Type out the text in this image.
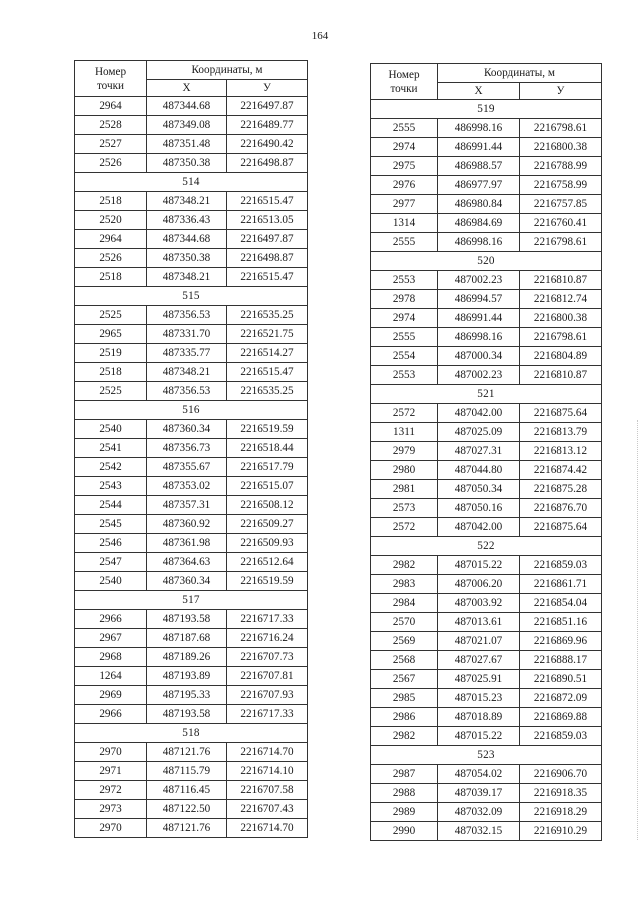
164
Номер
точки	Координаты, м	
	X	У
2964	487344.68	2216497.87
2528	487349.08	2216489.77
2527	487351.48	2216490.42
2526	487350.38	2216498.87
514		
2518	487348.21	2216515.47
2520	487336.43	2216513.05
2964	487344.68	2216497.87
2526	487350.38	2216498.87
2518	487348.21	2216515.47
515		
2525	487356.53	2216535.25
2965	487331.70	2216521.75
2519	487335.77	2216514.27
2518	487348.21	2216515.47
2525	487356.53	2216535.25
516		
2540	487360.34	2216519.59
2541	487356.73	2216518.44
2542	487355.67	2216517.79
2543	487353.02	2216515.07
2544	487357.31	2216508.12
2545	487360.92	2216509.27
2546	487361.98	2216509.93
2547	487364.63	2216512.64
2540	487360.34	2216519.59
517		
2966	487193.58	2216717.33
2967	487187.68	2216716.24
2968	487189.26	2216707.73
1264	487193.89	2216707.81
2969	487195.33	2216707.93
2966	487193.58	2216717.33
518		
2970	487121.76	2216714.70
2971	487115.79	2216714.10
2972	487116.45	2216707.58
2973	487122.50	2216707.43
2970	487121.76	2216714.70
Номер
точки	Координаты, м	
	X	У
519		
2555	486998.16	2216798.61
2974	486991.44	2216800.38
2975	486988.57	2216788.99
2976	486977.97	2216758.99
2977	486980.84	2216757.85
1314	486984.69	2216760.41
2555	486998.16	2216798.61
520		
2553	487002.23	2216810.87
2978	486994.57	2216812.74
2974	486991.44	2216800.38
2555	486998.16	2216798.61
2554	487000.34	2216804.89
2553	487002.23	2216810.87
521		
2572	487042.00	2216875.64
1311	487025.09	2216813.79
2979	487027.31	2216813.12
2980	487044.80	2216874.42
2981	487050.34	2216875.28
2573	487050.16	2216876.70
2572	487042.00	2216875.64
522		
2982	487015.22	2216859.03
2983	487006.20	2216861.71
2984	487003.92	2216854.04
2570	487013.61	2216851.16
2569	487021.07	2216869.96
2568	487027.67	2216888.17
2567	487025.91	2216890.51
2985	487015.23	2216872.09
2986	487018.89	2216869.88
2982	487015.22	2216859.03
523		
2987	487054.02	2216906.70
2988	487039.17	2216918.35
2989	487032.09	2216918.29
2990	487032.15	2216910.29
